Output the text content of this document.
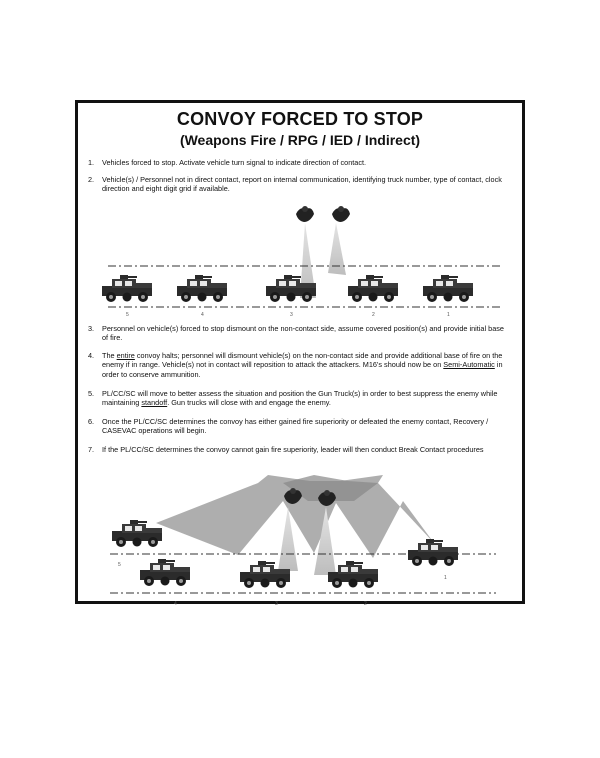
CONVOY FORCED TO STOP
(Weapons Fire / RPG / IED / Indirect)
1.	Vehicles forced to stop. Activate vehicle turn signal to indicate direction of contact.
2.	Vehicle(s) / Personnel not in direct contact, report on internal communication, identifying truck number, type of contact, clock direction and eight digit grid if available.
5	4	3	2	1
5
4	3	2
1
3.	Personnel on vehicle(s) forced to stop dismount on the non-contact side, assume covered position(s) and provide initial base of fire.
4.	The entire convoy halts; personnel will dismount vehicle(s) on the non-contact side and provide additional base of fire on the enemy if in range. Vehicle(s) not in contact will reposition to attack the attackers. M16's should now be on Semi-Automatic in order to conserve ammunition.
5.	PL/CC/SC will move to better assess the situation and position the Gun Truck(s) in order to best suppress the enemy while maintaining standoff. Gun trucks will close with and engage the enemy.
6.	Once the PL/CC/SC determines the convoy has either gained fire superiority or defeated the enemy contact, Recovery / CASEVAC operations will begin.
7.	If the PL/CC/SC determines the convoy cannot gain fire superiority, leader will then conduct Break Contact procedures
